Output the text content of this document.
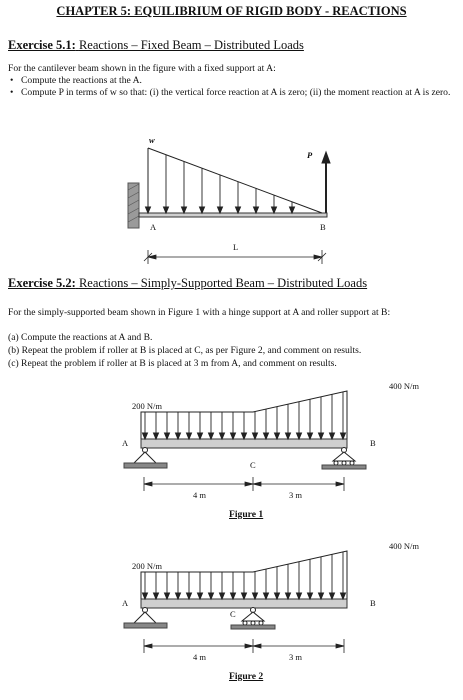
CHAPTER 5: EQUILIBRIUM OF RIGID BODY - REACTIONS
Exercise 5.1: Reactions – Fixed Beam – Distributed Loads
For the cantilever beam shown in the figure with a fixed support at A:
• Compute the reactions at the A.
• Compute P in terms of w so that: (i) the vertical force reaction at A is zero; (ii) the moment reaction at A is zero.
w
P
A	B
L
Exercise 5.2: Reactions – Simply-Supported Beam – Distributed Loads
For the simply-supported beam shown in Figure 1 with a hinge support at A and roller support at B:
(a) Compute the reactions at A and B.
(b) Repeat the problem if roller at B is placed at C, as per Figure 2, and comment on results.
(c) Repeat the problem if roller at B is placed at 3 m from A, and comment on results.
400 N/m
200 N/m
A	B
C
4 m	3 m
Figure 1
400 N/m
200 N/m
A	B
C
4 m	3 m
Figure 2
